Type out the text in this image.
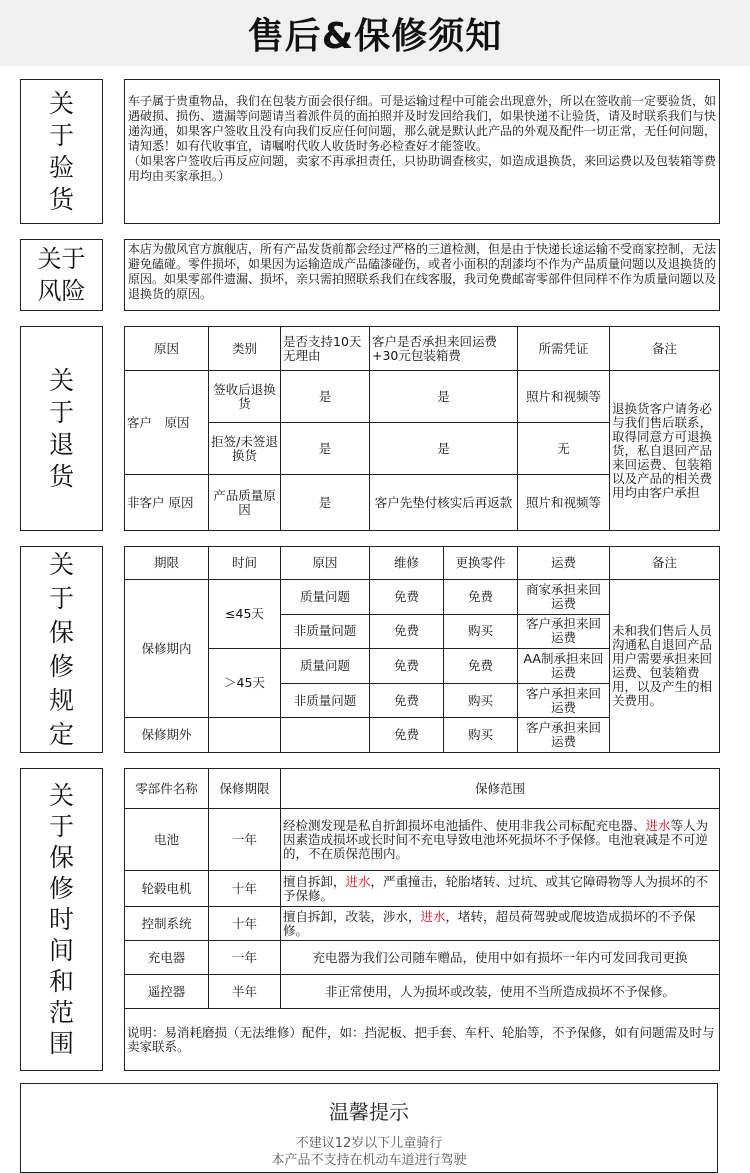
售后&保修须知
关
于
验
货
车子属于贵重物品，我们在包装方面会很仔细。可是运输过程中可能会出现意外，所以在签收前一定要验货，如遇破损、损伤、遗漏等问题请当着派件员的面拍照并及时发回给我们，如果快递不让验货，请及时联系我们与快递沟通，如果客户签收且没有向我们反应任何问题，那么就是默认此产品的外观及配件一切正常，无任何问题，请知悉！如有代收事宜，请嘱咐代收人收货时务必检查好才能签收。
（如果客户签收后再反应问题，卖家不再承担责任，只协助调查核实，如造成退换货，来回运费以及包装箱等费用均由买家承担。）
关于
风险
本店为傲风官方旗舰店，所有产品发货前都会经过严格的三道检测，但是由于快递长途运输不受商家控制，无法避免磕碰。零件损坏，如果因为运输造成产品磕漆碰伤，或者小面积的刮漆均不作为产品质量问题以及退换货的原因。如果零部件遗漏、损坏，亲只需拍照联系我们在线客服，我司免费邮寄零部件但同样不作为质量问题以及退换货的原因。
关
于
退
货
原因	类别	是否支持10天无理由	客户是否承担来回运费+30元包装箱费	所需凭证	备注
客户　原因	签收后退换货	是	是	照片和视频等	退换货客户请务必与我们售后联系，取得同意方可退换货，私自退回产品来回运费、包装箱以及产品的相关费用均由客户承担
	拒签/未签退换货	是	是	无	
非客户 原因	产品质量原因	是	客户先垫付核实后再返款	照片和视频等	
关
于
保
修
规
定
期限	时间	原因	维修	更换零件	运费	备注
保修期内	≤45天	质量问题	免费	免费	商家承担来回运费	未和我们售后人员沟通私自退回产品用户需要承担来回运费、包装箱费用，以及产生的相关费用。
		非质量问题	免费	购买	客户承担来回运费	
	＞45天	质量问题	免费	免费	AA制承担来回运费	
		非质量问题	免费	购买	客户承担来回运费	
保修期外			免费	购买	客户承担来回运费	
关
于
保
修
时
间
和
范
围
零部件名称	保修期限	保修范围
电池	一年	经检测发现是私自折卸损坏电池插件、使用非我公司标配充电器、进水等人为因素造成损坏或长时间不充电导致电池坏死损坏不予保修。电池衰减是不可逆的，不在质保范围内。
轮毂电机	十年	擅自拆卸，进水，严重撞击，轮胎堵转、过坑、或其它障碍物等人为损坏的不予保修。
控制系统	十年	擅自拆卸，改装，涉水，进水，堵转，超员荷驾驶或爬坡造成损坏的不予保修。
充电器	一年	充电器为我们公司随车赠品，使用中如有损坏一年内可发回我司更换
遥控器	半年	非正常使用，人为损坏或改装，使用不当所造成损坏不予保修。
说明：易消耗磨损（无法维修）配件，如：挡泥板、把手套、车杆、轮胎等，不予保修，如有问题需及时与卖家联系。		
温馨提示
不建议12岁以下儿童骑行
本产品不支持在机动车道进行驾驶
